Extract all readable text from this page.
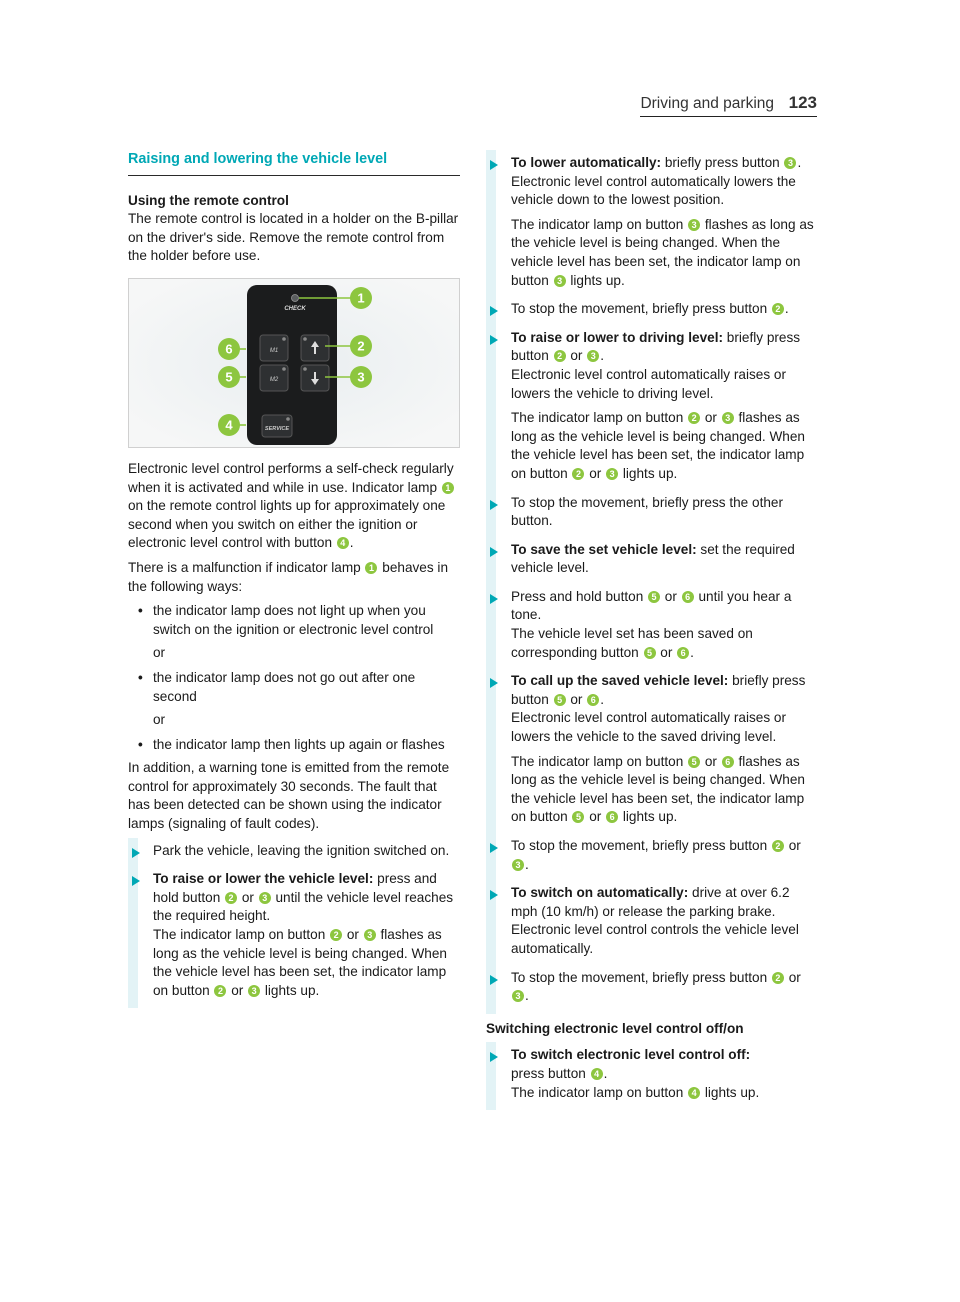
Driving and parking 123
Raising and lowering the vehicle level
Using the remote control

The remote control is located in a holder on the B-pillar on the driver's side. Remove the remote control from the holder before use.

CHECK
M1
M2
SERVICE
1
2
3
4
5
6

Electronic level control performs a self-check regularly when it is activated and while in use. Indicator lamp 1 on the remote control lights up for approximately one second when you switch on either the ignition or electronic level control with button 4 .

There is a malfunction if indicator lamp 1 behaves in the following ways:

• the indicator lamp does not light up when you switch on the ignition or electronic level control
or
• the indicator lamp does not go out after one second
or
• the indicator lamp then lights up again or flashes

In addition, a warning tone is emitted from the remote control for approximately 30 seconds. The fault that has been detected can be shown using the indicator lamps (signaling of fault codes).

Park the vehicle, leaving the ignition switched on.

To raise or lower the vehicle level: press and hold button 2 or 3 until the vehicle level reaches the required height.
The indicator lamp on button 2 or 3 flashes as long as the vehicle level is being changed. When the vehicle level has been set, the indicator lamp on button 2 or 3 lights up.

To lower automatically: briefly press button 3 .
Electronic level control automatically lowers the vehicle down to the lowest position.

The indicator lamp on button 3 flashes as long as the vehicle level is being changed. When the vehicle level has been set, the indicator lamp on button 3 lights up.

To stop the movement, briefly press button 2 .

To raise or lower to driving level: briefly press button 2 or 3 .
Electronic level control automatically raises or lowers the vehicle to driving level.

The indicator lamp on button 2 or 3 flashes as long as the vehicle level is being changed. When the vehicle level has been set, the indicator lamp on button 2 or 3 lights up.

To stop the movement, briefly press the other button.

To save the set vehicle level: set the required vehicle level.

Press and hold button 5 or 6 until you hear a tone.
The vehicle level set has been saved on corresponding button 5 or 6 .

To call up the saved vehicle level: briefly press button 5 or 6 .
Electronic level control automatically raises or lowers the vehicle to the saved driving level.

The indicator lamp on button 5 or 6 flashes as long as the vehicle level is being changed. When the vehicle level has been set, the indicator lamp on button 5 or 6 lights up.

To stop the movement, briefly press button 2 or 3 .

To switch on automatically: drive at over 6.2 mph (10 km/h) or release the parking brake.
Electronic level control controls the vehicle level automatically.

To stop the movement, briefly press button 2 or 3 .

Switching electronic level control off/on

To switch electronic level control off:
press button 4 .
The indicator lamp on button 4 lights up.
